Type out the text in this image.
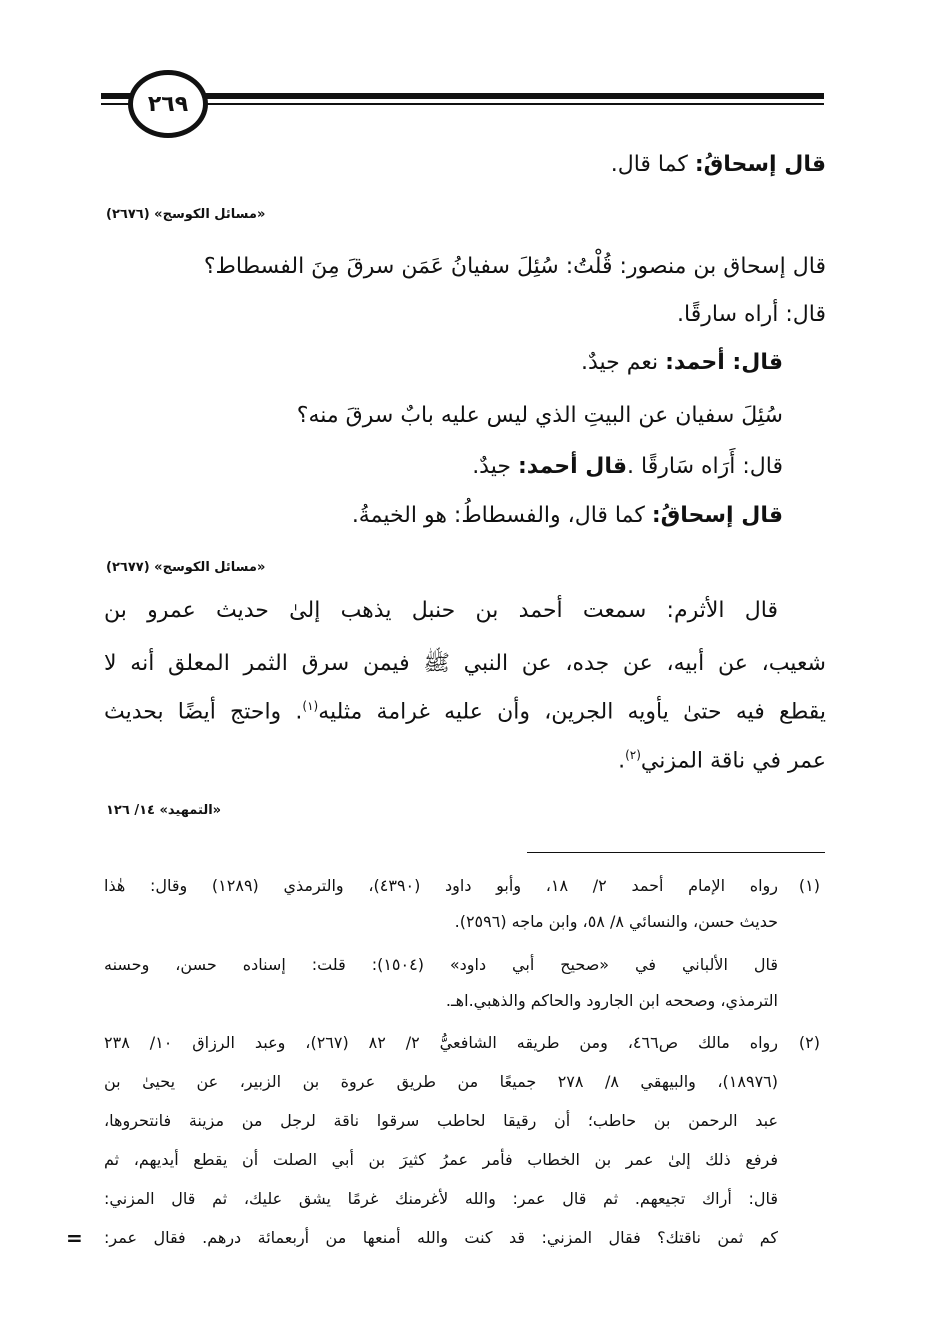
٢٦٩
قال إسحاقُ: كما قال.
«مسائل الكوسج» (٢٦٧٦)
قال إسحاق بن منصور: قُلْتُ: سُئِلَ سفيانُ عَمَن سرقَ مِنَ الفسطاط؟
قال: أراه سارقًا.
قال: أحمد: نعم جيدٌ.
سُئِلَ سفيان عن البيتِ الذي ليس عليه بابٌ سرقَ منه؟
قال: أَرَاه سَارقًا .قال أحمد: جيدٌ.
قال إسحاقُ: كما قال، والفسطاطُ: هو الخيمةُ.
«مسائل الكوسج» (٢٦٧٧)
قال الأثرم: سمعت أحمد بن حنبل يذهب إلىٰ حديث عمرو بن
شعيب، عن أبيه، عن جده، عن النبي ﷺ فيمن سرق الثمر المعلق أنه لا
يقطع فيه حتىٰ يأويه الجرين، وأن عليه غرامة مثليه$^{(١)}$. واحتج أيضًا بحديث
عمر في ناقة المزني$^{(٢)}$.
«التمهيد» ١٤/ ١٢٦
(١)
رواه الإمام أحمد ٢/ ١٨، وأبو داود (٤٣٩٠)، والترمذي (١٢٨٩) وقال: هٰذا
حديث حسن، والنسائي ٨/ ٥٨، وابن ماجه (٢٥٩٦).
قال الألباني في «صحيح أبي داود» (١٥٠٤): قلت: إسناده حسن، وحسنه
الترمذي، وصححه ابن الجارود والحاكم والذهبي.اهـ.
(٢)
رواه مالك ص٤٦٦، ومن طريقه الشافعيُّ ٢/ ٨٢ (٢٦٧)، وعبد الرزاق ١٠/ ٢٣٨
(١٨٩٧٦)، والبيهقي ٨/ ٢٧٨ جميعًا من طريق عروة بن الزبير، عن يحيىٰ بن
عبد الرحمن بن حاطب؛ أن رقيقا لحاطب سرقوا ناقة لرجل من مزينة فانتحروها،
فرفع ذلك إلىٰ عمر بن الخطاب فأمر عمرُ كثيرَ بن أبي الصلت أن يقطع أيديهم، ثم
قال: أراك تجيعهم. ثم قال عمر: والله لأغرمنك غرمًا يشق عليك، ثم قال المزني:
كم ثمن ناقتك؟ فقال المزني: قد كنت والله أمنعها من أربعمائة درهم. فقال عمر:
=
